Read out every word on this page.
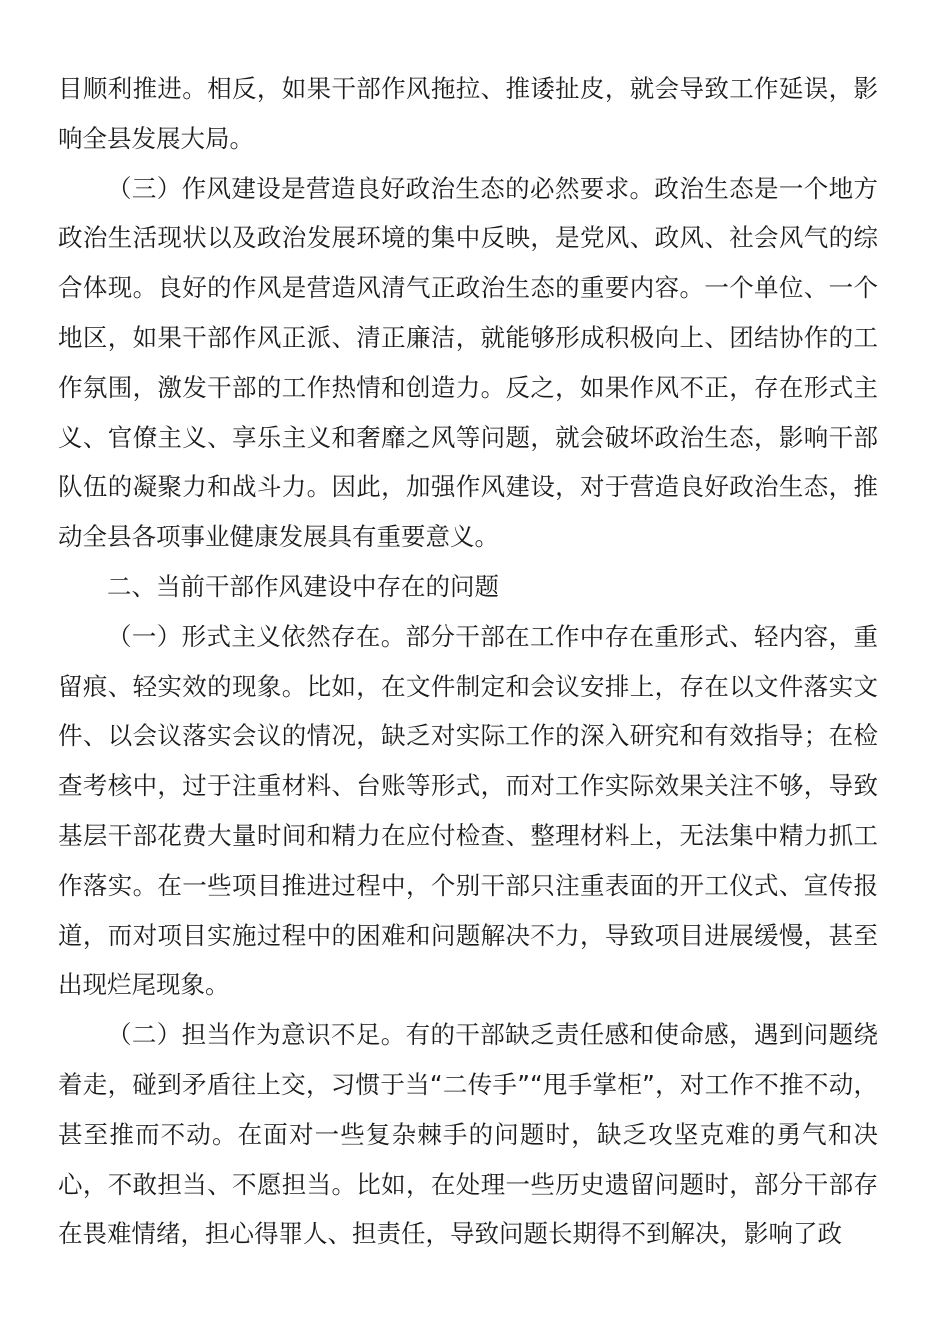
目顺利推进。相反，如果干部作风拖拉、推诿扯皮，就会导致工作延误，影响全县发展大局。

（三）作风建设是营造良好政治生态的必然要求。政治生态是一个地方政治生活现状以及政治发展环境的集中反映，是党风、政风、社会风气的综合体现。良好的作风是营造风清气正政治生态的重要内容。一个单位、一个地区，如果干部作风正派、清正廉洁，就能够形成积极向上、团结协作的工作氛围，激发干部的工作热情和创造力。反之，如果作风不正，存在形式主义、官僚主义、享乐主义和奢靡之风等问题，就会破坏政治生态，影响干部队伍的凝聚力和战斗力。因此，加强作风建设，对于营造良好政治生态，推动全县各项事业健康发展具有重要意义。

二、当前干部作风建设中存在的问题

（一）形式主义依然存在。部分干部在工作中存在重形式、轻内容，重留痕、轻实效的现象。比如，在文件制定和会议安排上，存在以文件落实文件、以会议落实会议的情况，缺乏对实际工作的深入研究和有效指导；在检查考核中，过于注重材料、台账等形式，而对工作实际效果关注不够，导致基层干部花费大量时间和精力在应付检查、整理材料上，无法集中精力抓工作落实。在一些项目推进过程中，个别干部只注重表面的开工仪式、宣传报道，而对项目实施过程中的困难和问题解决不力，导致项目进展缓慢，甚至出现烂尾现象。

（二）担当作为意识不足。有的干部缺乏责任感和使命感，遇到问题绕着走，碰到矛盾往上交，习惯于当“二传手”“甩手掌柜”，对工作不推不动，甚至推而不动。在面对一些复杂棘手的问题时，缺乏攻坚克难的勇气和决心，不敢担当、不愿担当。比如，在处理一些历史遗留问题时，部分干部存在畏难情绪，担心得罪人、担责任，导致问题长期得不到解决，影响了政
